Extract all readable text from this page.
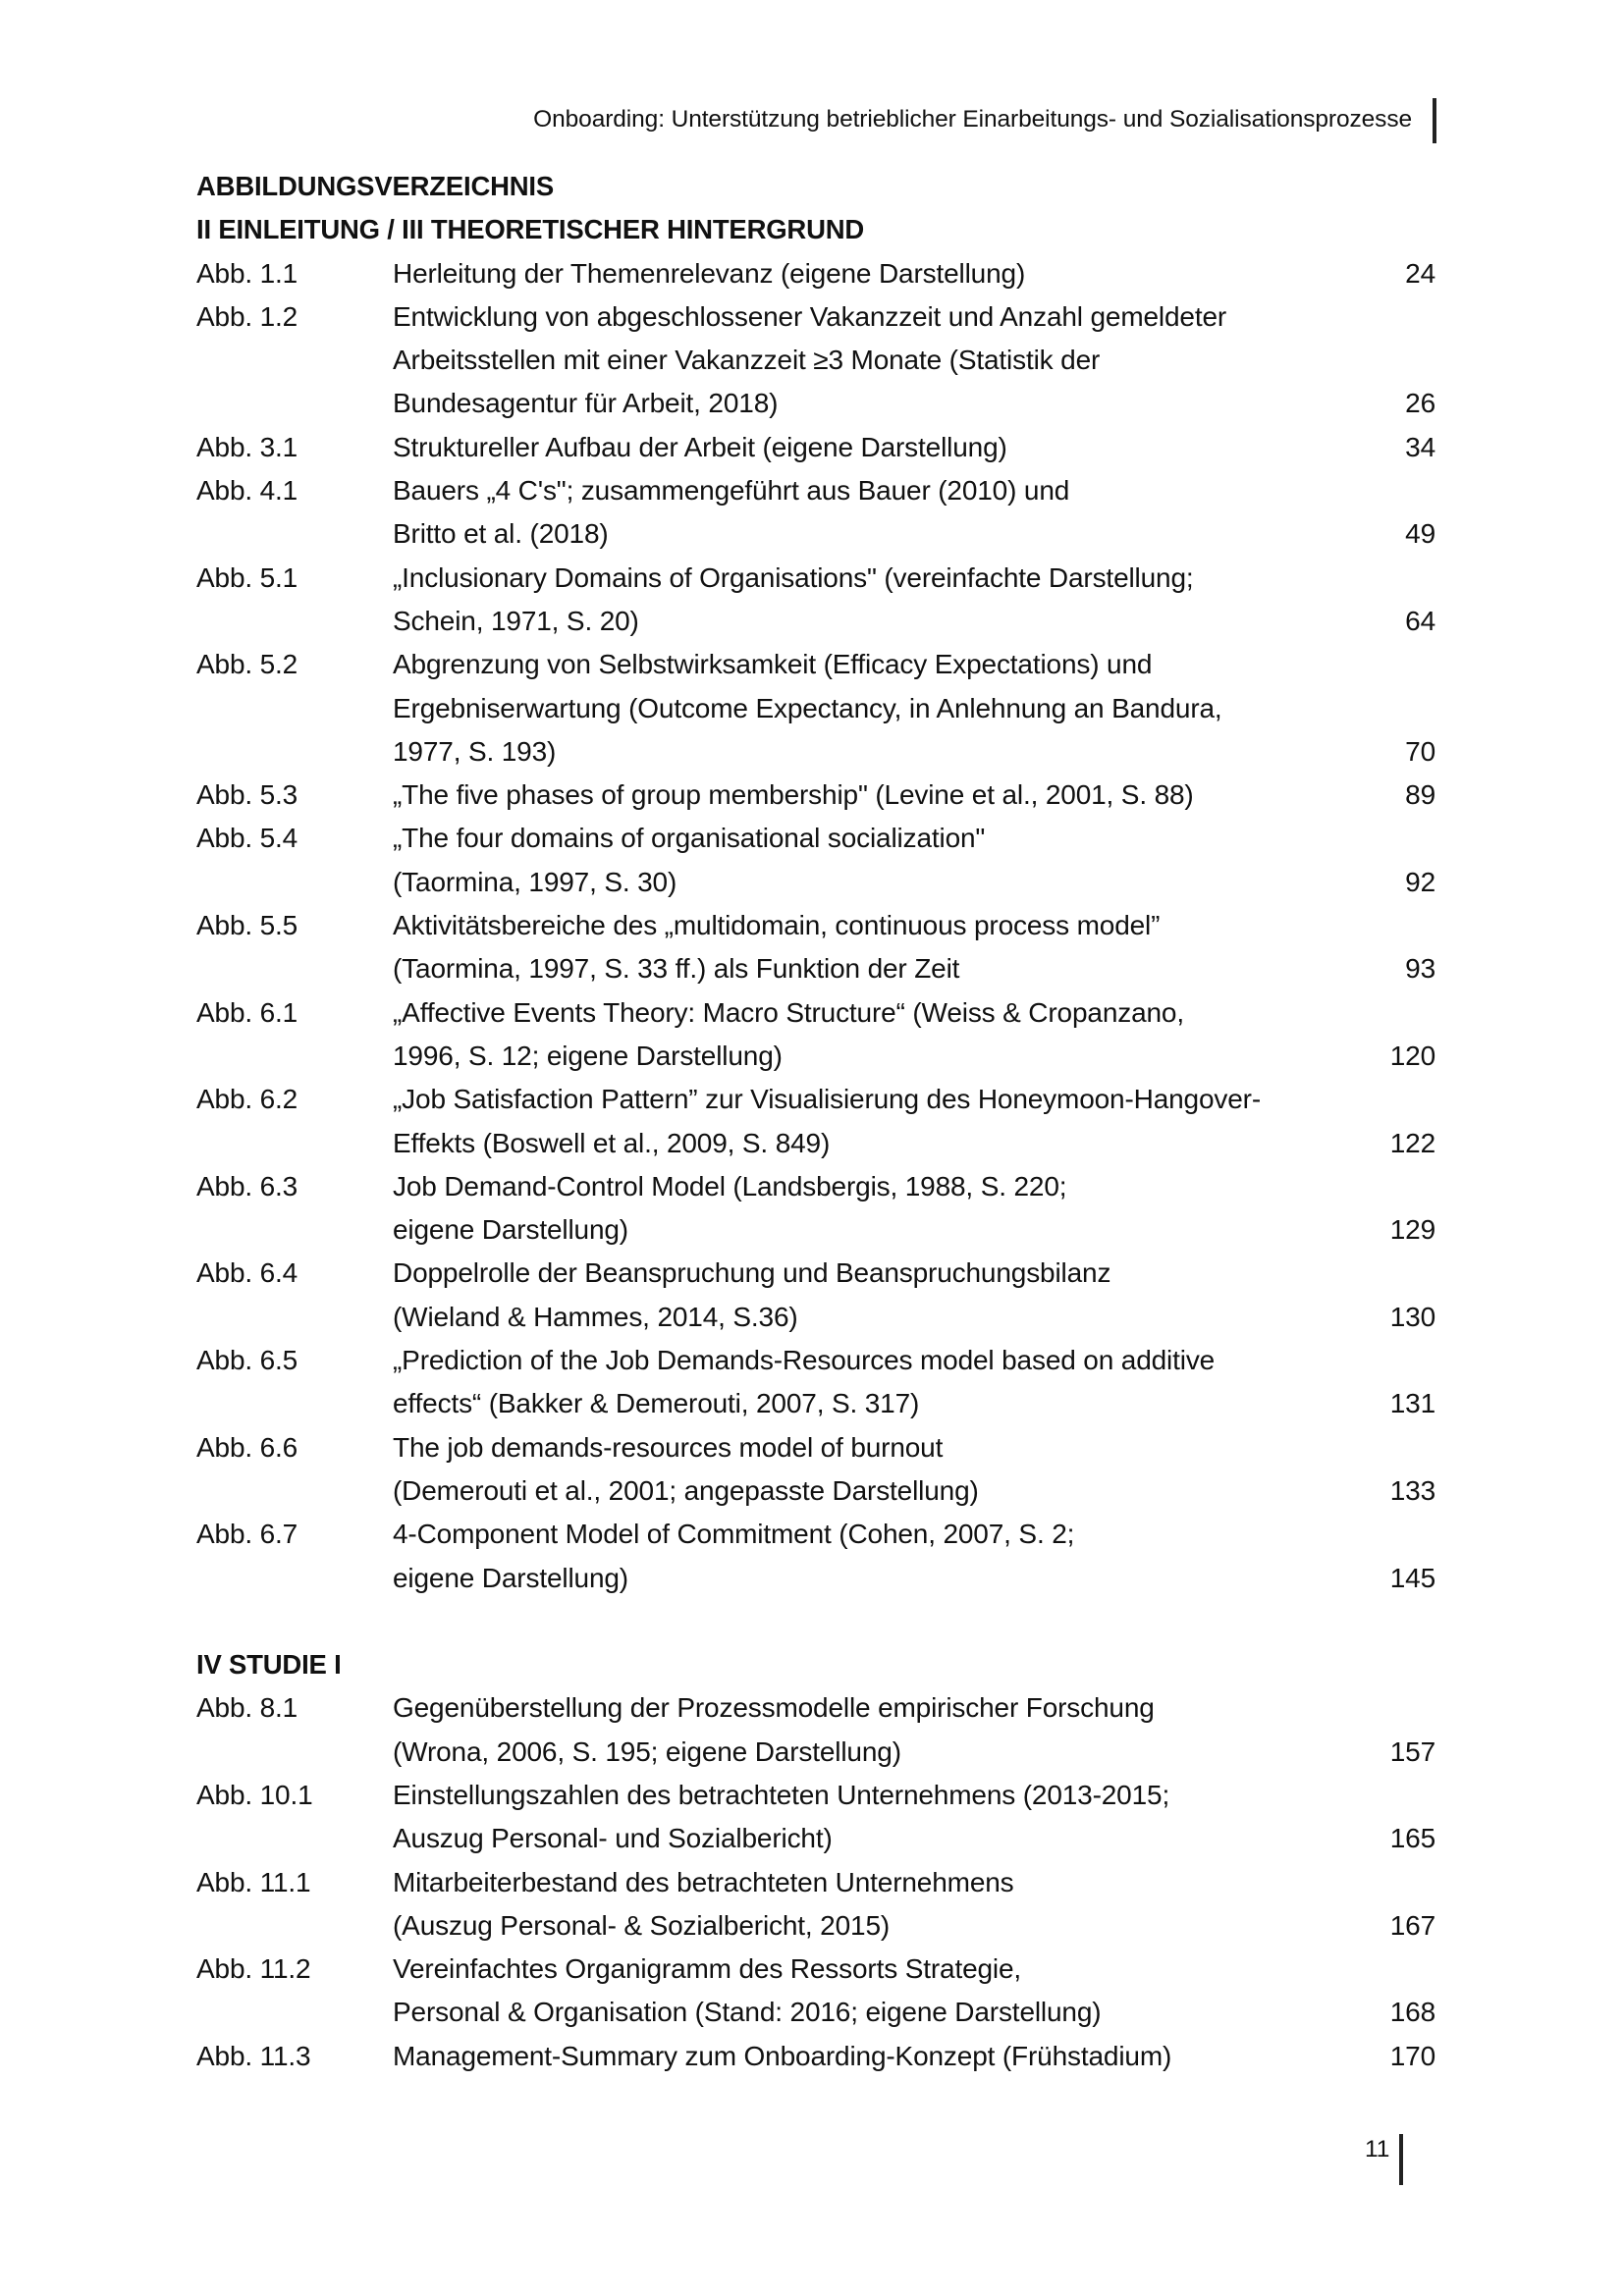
Onboarding: Unterstützung betrieblicher Einarbeitungs- und Sozialisationsprozesse
ABBILDUNGSVERZEICHNIS
II EINLEITUNG / III THEORETISCHER HINTERGRUND
Abb. 1.1	Herleitung der Themenrelevanz (eigene Darstellung)	24
Abb. 1.2	Entwicklung von abgeschlossener Vakanzzeit und Anzahl gemeldeter
Arbeitsstellen mit einer Vakanzzeit ≥3 Monate (Statistik der
Bundesagentur für Arbeit, 2018)	26
Abb. 3.1	Struktureller Aufbau der Arbeit (eigene Darstellung)	34
Abb. 4.1	Bauers „4 C's"; zusammengeführt aus Bauer (2010) und
Britto et al. (2018)	49
Abb. 5.1	„Inclusionary Domains of Organisations" (vereinfachte Darstellung;
Schein, 1971, S. 20)	64
Abb. 5.2	Abgrenzung von Selbstwirksamkeit (Efficacy Expectations) und
Ergebniserwartung (Outcome Expectancy, in Anlehnung an Bandura,
1977, S. 193)	70
Abb. 5.3	„The five phases of group membership" (Levine et al., 2001, S. 88)	89
Abb. 5.4	„The four domains of organisational socialization"
(Taormina, 1997, S. 30)	92
Abb. 5.5	Aktivitätsbereiche des „multidomain, continuous process model”
(Taormina, 1997, S. 33 ff.) als Funktion der Zeit	93
Abb. 6.1	„Affective Events Theory: Macro Structure“ (Weiss & Cropanzano,
1996, S. 12; eigene Darstellung)	120
Abb. 6.2	„Job Satisfaction Pattern” zur Visualisierung des Honeymoon-Hangover-
Effekts (Boswell et al., 2009, S. 849)	122
Abb. 6.3	Job Demand-Control Model (Landsbergis, 1988, S. 220;
eigene Darstellung)	129
Abb. 6.4	Doppelrolle der Beanspruchung und Beanspruchungsbilanz
(Wieland & Hammes, 2014, S.36)	130
Abb. 6.5	„Prediction of the Job Demands-Resources model based on additive
effects“ (Bakker & Demerouti, 2007, S. 317)	131
Abb. 6.6	The job demands-resources model of burnout
(Demerouti et al., 2001; angepasste Darstellung)	133
Abb. 6.7	4-Component Model of Commitment (Cohen, 2007, S. 2;
eigene Darstellung)	145
IV STUDIE I
Abb. 8.1	Gegenüberstellung der Prozessmodelle empirischer Forschung
(Wrona, 2006, S. 195; eigene Darstellung)	157
Abb. 10.1	Einstellungszahlen des betrachteten Unternehmens (2013-2015;
Auszug Personal- und Sozialbericht)	165
Abb. 11.1	Mitarbeiterbestand des betrachteten Unternehmens
(Auszug Personal- & Sozialbericht, 2015)	167
Abb. 11.2	Vereinfachtes Organigramm des Ressorts Strategie,
Personal & Organisation (Stand: 2016; eigene Darstellung)	168
Abb. 11.3	Management-Summary zum Onboarding-Konzept (Frühstadium)	170
11
